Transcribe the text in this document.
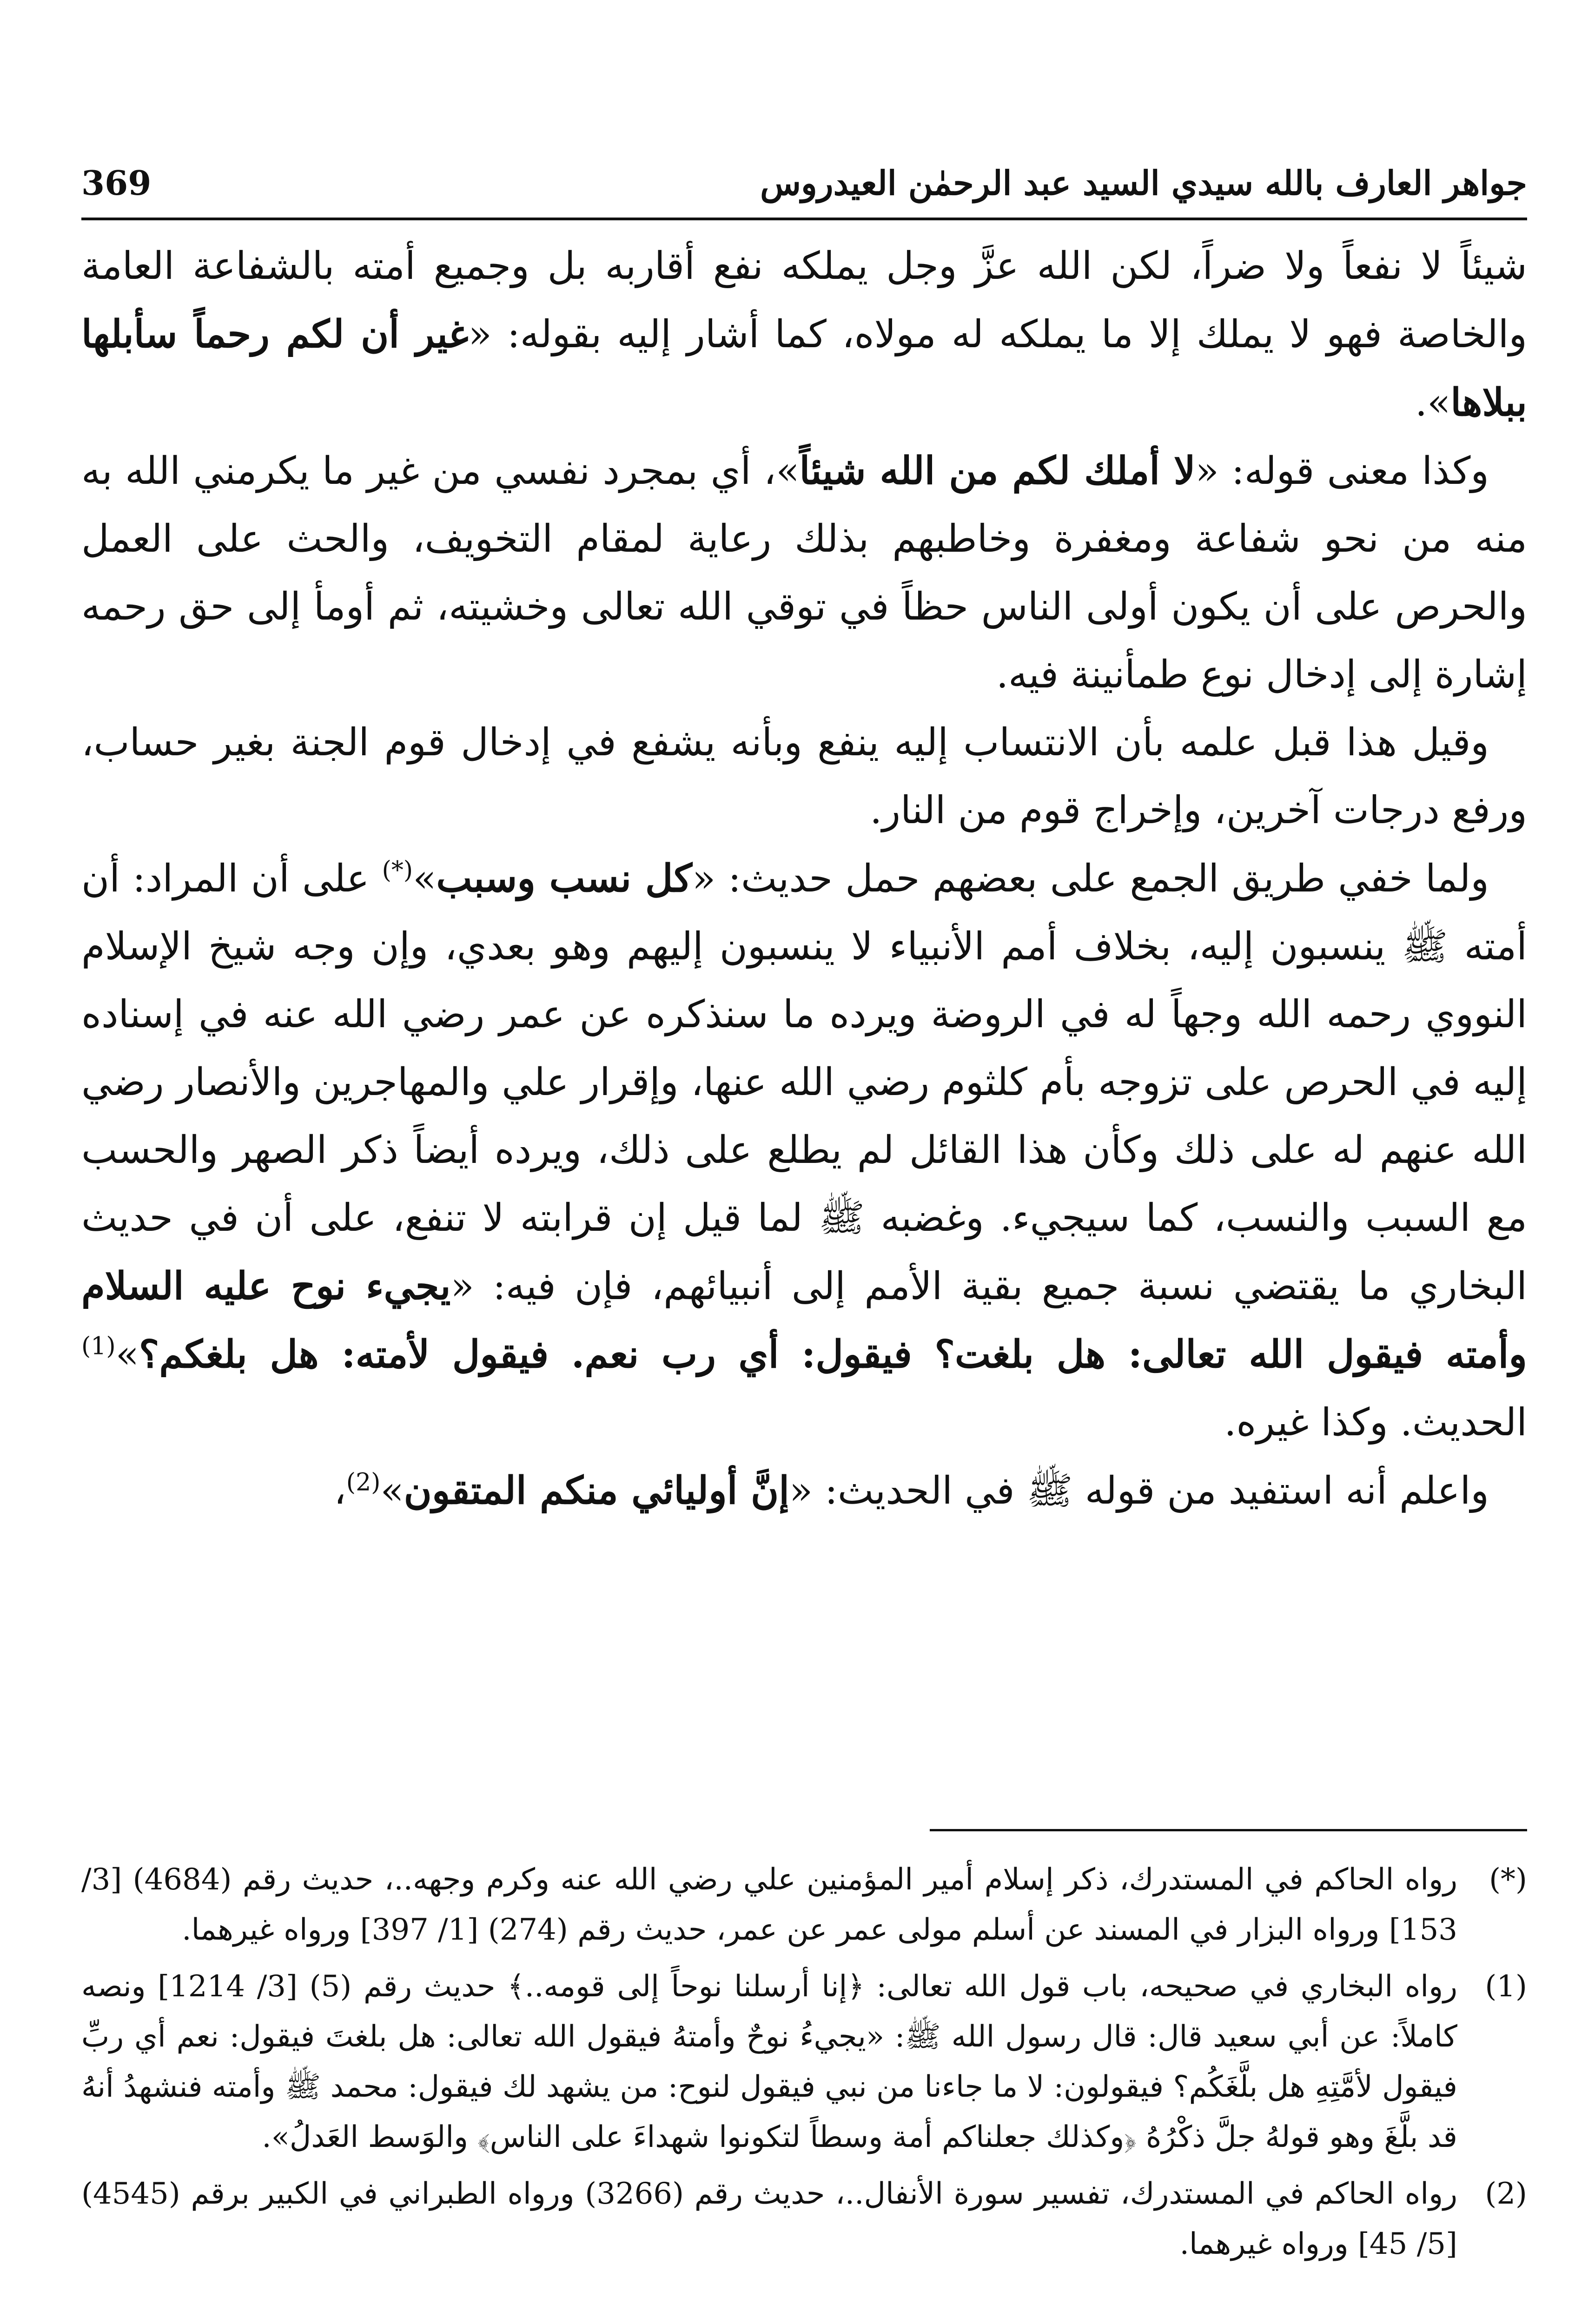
369	جواهر العارف بالله سيدي السيد عبد الرحمٰن العيدروس

شيئاً لا نفعاً ولا ضراً، لكن الله عزَّ وجل يملكه نفع أقاربه بل وجميع أمته بالشفاعة العامة والخاصة فهو لا يملك إلا ما يملكه له مولاه، كما أشار إليه بقوله: «غير أن لكم رحماً سأبلها ببلاها».

 وكذا معنى قوله: «لا أملك لكم من الله شيئاً»، أي بمجرد نفسي من غير ما يكرمني الله به منه من نحو شفاعة ومغفرة وخاطبهم بذلك رعاية لمقام التخويف، والحث على العمل والحرص على أن يكون أولى الناس حظاً في توقي الله تعالى وخشيته، ثم أومأ إلى حق رحمه إشارة إلى إدخال نوع طمأنينة فيه.

 وقيل هذا قبل علمه بأن الانتساب إليه ينفع وبأنه يشفع في إدخال قوم الجنة بغير حساب، ورفع درجات آخرين، وإخراج قوم من النار.

 ولما خفي طريق الجمع على بعضهم حمل حديث: «كل نسب وسبب»(*) على أن المراد: أن أمته ﷺ ينسبون إليه، بخلاف أمم الأنبياء لا ينسبون إليهم وهو بعدي، وإن وجه شيخ الإسلام النووي رحمه الله وجهاً له في الروضة ويرده ما سنذكره عن عمر رضي الله عنه في إسناده إليه في الحرص على تزوجه بأم كلثوم رضي الله عنها، وإقرار علي والمهاجرين والأنصار رضي الله عنهم له على ذلك وكأن هذا القائل لم يطلع على ذلك، ويرده أيضاً ذكر الصهر والحسب مع السبب والنسب، كما سيجيء. وغضبه ﷺ لما قيل إن قرابته لا تنفع، على أن في حديث البخاري ما يقتضي نسبة جميع بقية الأمم إلى أنبيائهم، فإن فيه: «يجيء نوح عليه السلام وأمته فيقول الله تعالى: هل بلغت؟ فيقول: أي رب نعم. فيقول لأمته: هل بلغكم؟»$^{(1)}$ الحديث. وكذا غيره.

 واعلم أنه استفيد من قوله ﷺ في الحديث: «إنَّ أوليائي منكم المتقون»$^{(2)}$،

(*)
رواه الحاكم في المستدرك، ذكر إسلام أمير المؤمنين علي رضي الله عنه وكرم وجهه..، حديث رقم (4684) [3/ 153] ورواه البزار في المسند عن أسلم مولى عمر عن عمر، حديث رقم (274) [1/ 397] ورواه غيرهما.
(1)
رواه البخاري في صحيحه، باب قول الله تعالى: ﴿إنا أرسلنا نوحاً إلى قومه..﴾ حديث رقم (5) [3/ 1214] ونصه كاملاً: عن أبي سعيد قال: قال رسول الله ﷺ: «يجيءُ نوحٌ وأمتهُ فيقول الله تعالى: هل بلغتَ فيقول: نعم أي ربِّ فيقول لأمَّتِهِ هل بلَّغَكُم؟ فيقولون: لا ما جاءنا من نبي فيقول لنوح: من يشهد لك فيقول: محمد ﷺ وأمته فنشهدُ أنهُ قد بلَّغَ وهو قولهُ جلَّ ذكْرُهُ ﴿وكذلك جعلناكم أمة وسطاً لتكونوا شهداءَ على الناس﴾ والوَسط العَدلُ».
(2)
رواه الحاكم في المستدرك، تفسير سورة الأنفال..، حديث رقم (3266) ورواه الطبراني في الكبير برقم (4545) [5/ 45] ورواه غيرهما.
